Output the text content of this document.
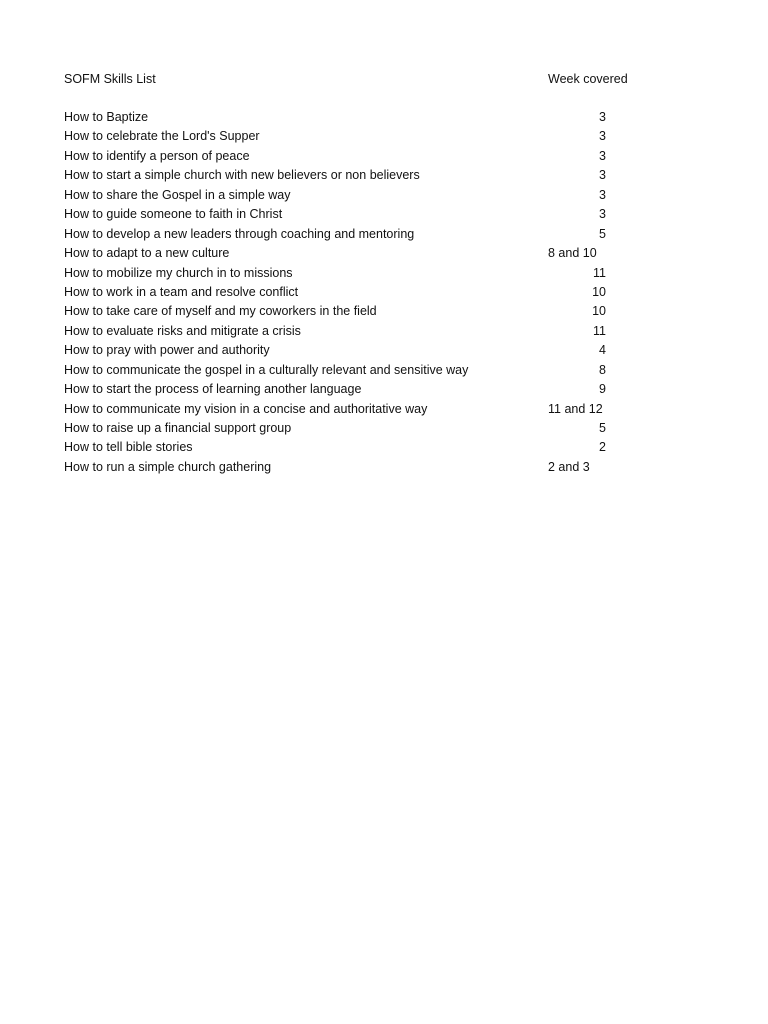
SOFM Skills List	Week covered
How to Baptize	3
How to celebrate the Lord's Supper	3
How to identify a person of peace	3
How to start a simple church with new believers or non believers	3
How to share the Gospel in a simple way	3
How to guide someone to faith in Christ	3
How to develop a new leaders through coaching and mentoring	5
How to adapt to a new culture	8 and 10
How to mobilize my church in to missions	11
How to work in a team and resolve conflict	10
How to take care of myself and my coworkers in the field	10
How to evaluate risks and mitigrate a crisis	11
How to pray with power and authority	4
How to communicate the gospel in a culturally relevant and sensitive way	8
How to start the process of learning another language	9
How to communicate my vision in a concise and authoritative way	11 and 12
How to raise up a financial support group	5
How to tell bible stories	2
How to run a simple church gathering	2 and 3
